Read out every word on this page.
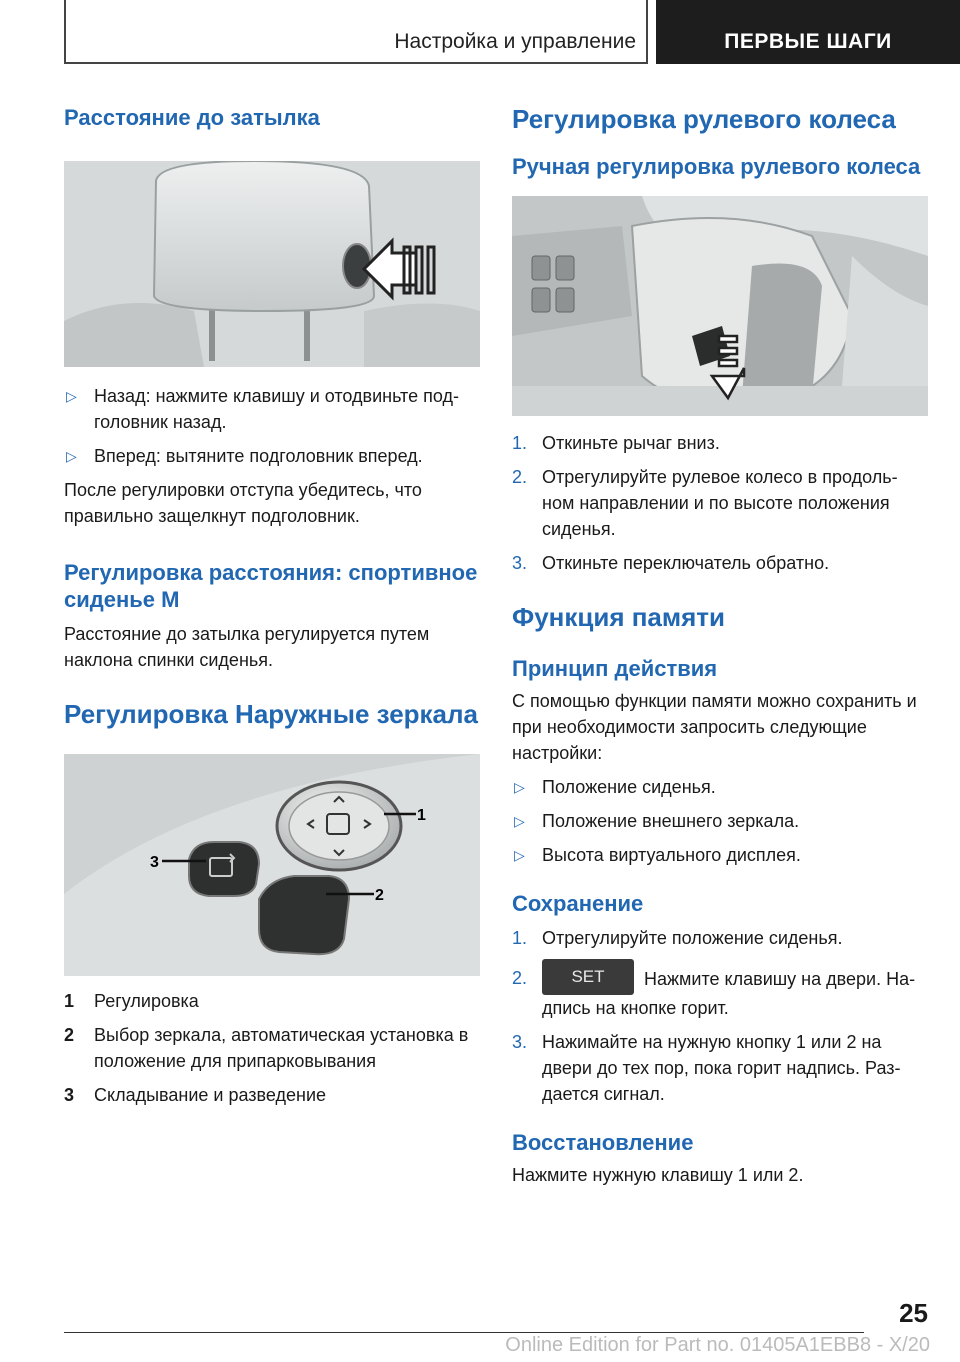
Настройка и управление	ПЕРВЫЕ ШАГИ
Расстояние до затылка
▷ Назад: нажмите клавишу и отодвиньте под-головник назад.
▷ Вперед: вытяните подголовник вперед.
После регулировки отступа убедитесь, что правильно защелкнут подголовник.
Регулировка расстояния: спортивное сиденье M
Расстояние до затылка регулируется путем наклона спинки сиденья.
Регулировка Наружные зеркала
1
2
3
1 Регулировка
2 Выбор зеркала, автоматическая установка в положение для припарковывания
3 Складывание и разведение
Регулировка рулевого колеса
Ручная регулировка рулевого колеса
1. Откиньте рычаг вниз.
2. Отрегулируйте рулевое колесо в продоль-ном направлении и по высоте положения сиденья.
3. Откиньте переключатель обратно.
Функция памяти
Принцип действия
С помощью функции памяти можно сохранить и при необходимости запросить следующие настройки:
▷ Положение сиденья.
▷ Положение внешнего зеркала.
▷ Высота виртуального дисплея.
Сохранение
1. Отрегулируйте положение сиденья.
2.	SET Нажмите клавишу на двери. На-дпись на кнопке горит.
3. Нажимайте на нужную кнопку 1 или 2 на двери до тех пор, пока горит надпись. Раз-дается сигнал.
Восстановление
Нажмите нужную клавишу 1 или 2.
25
Online Edition for Part no. 01405A1EBB8 - X/20
